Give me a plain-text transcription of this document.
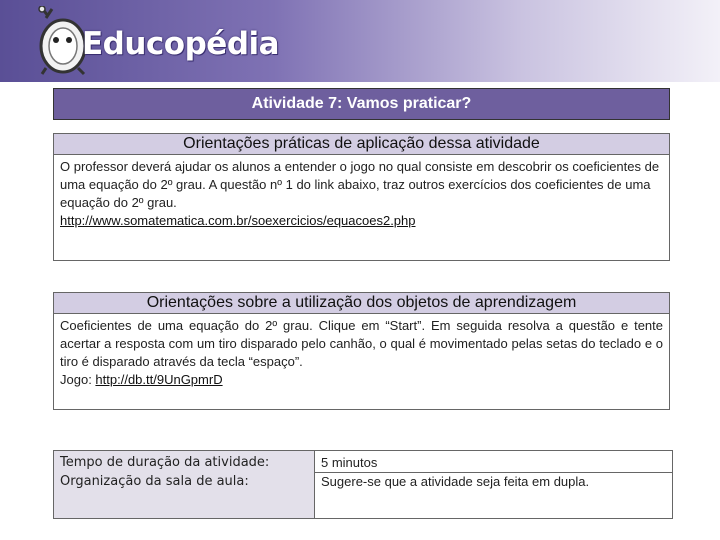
Educopédia
Atividade 7: Vamos praticar?
Orientações práticas de aplicação dessa atividade
O professor deverá ajudar os alunos a entender o jogo no qual consiste em descobrir os coeficientes de uma equação do 2º grau. A questão nº 1 do link abaixo, traz outros exercícios dos coeficientes de uma equação do 2º grau.
http://www.somatematica.com.br/soexercicios/equacoes2.php
Orientações sobre a utilização dos objetos de aprendizagem
Coeficientes de uma equação do 2º grau. Clique em “Start”. Em seguida resolva a questão e tente acertar a resposta com um tiro disparado pelo canhão, o qual é movimentado pelas setas do teclado e o tiro é disparado através da tecla “espaço”.
Jogo: http://db.tt/9UnGpmrD
Tempo de duração da atividade:
Organização da sala de aula:
5 minutos
Sugere-se que a atividade seja feita em dupla.
